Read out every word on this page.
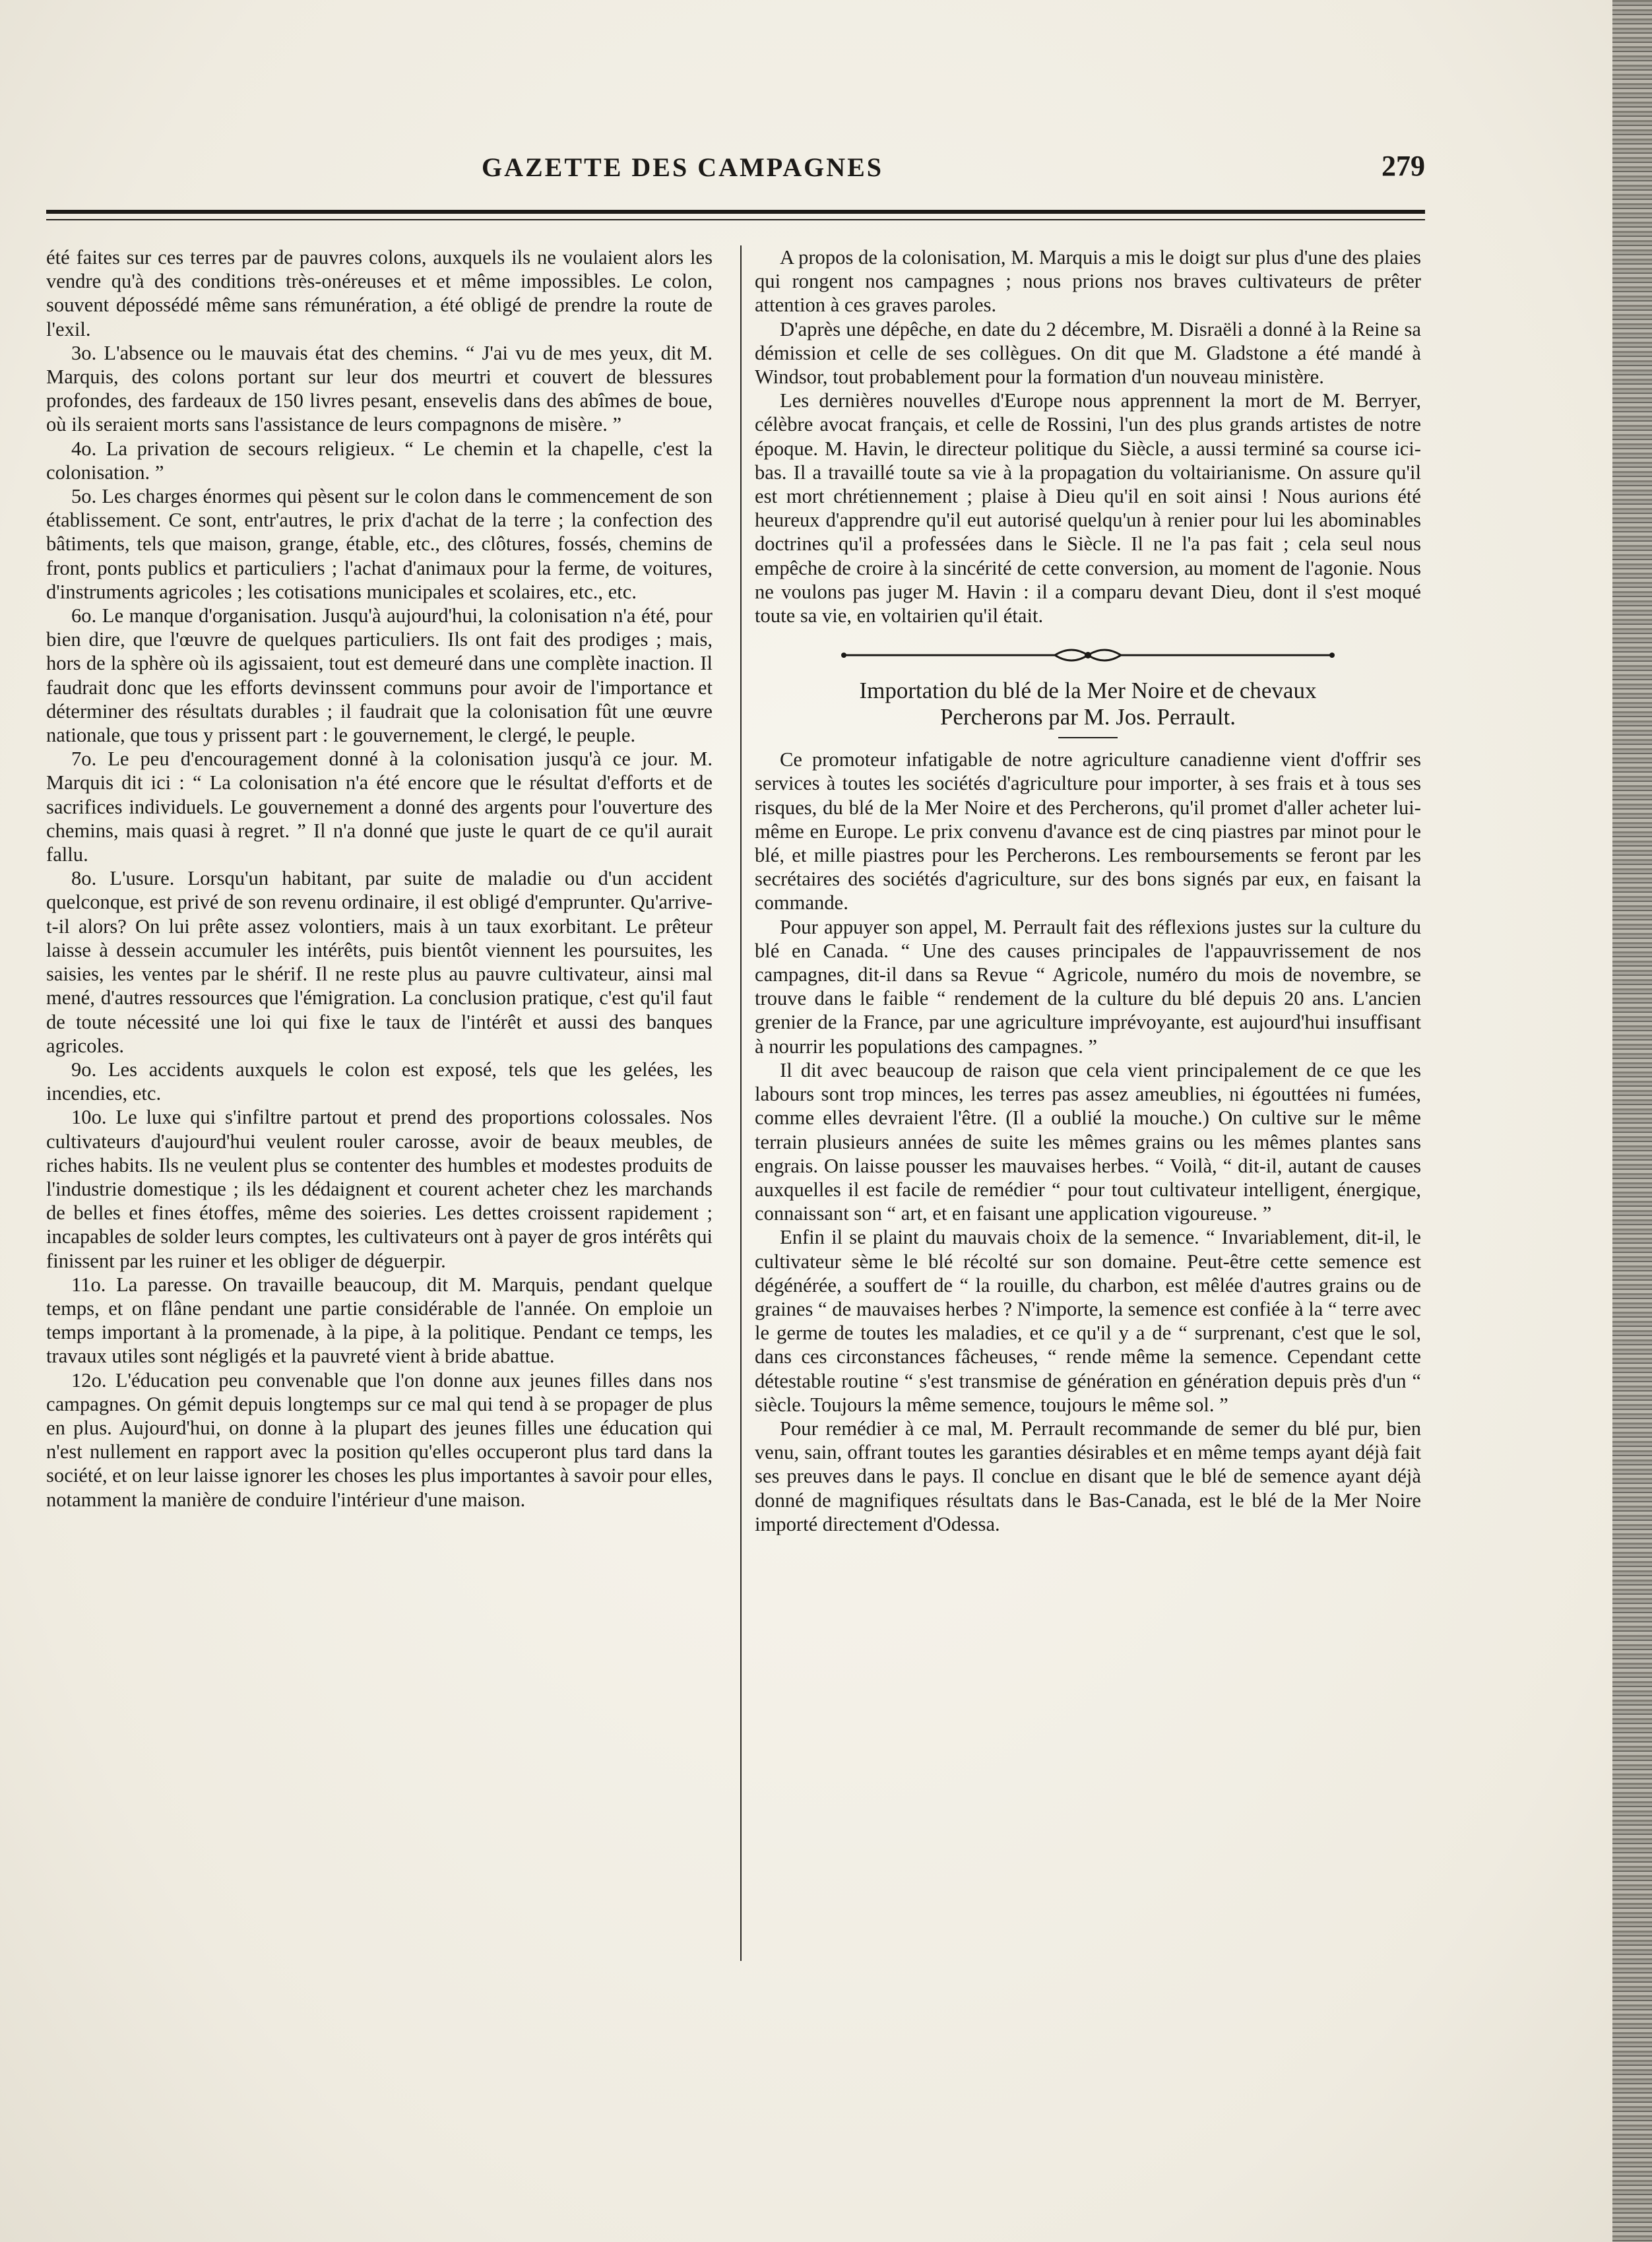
GAZETTE DES CAMPAGNES	279

été faites sur ces terres par de pauvres colons, auxquels ils ne voulaient alors les vendre qu'à des conditions très-onéreuses et et même impossibles. Le colon, souvent dépossédé même sans rémunération, a été obligé de prendre la route de l'exil.

3o. L'absence ou le mauvais état des chemins. “ J'ai vu de mes yeux, dit M. Marquis, des colons portant sur leur dos meurtri et couvert de blessures profondes, des fardeaux de 150 livres pesant, ensevelis dans des abîmes de boue, où ils seraient morts sans l'assistance de leurs compagnons de misère. ”

4o. La privation de secours religieux. “ Le chemin et la chapelle, c'est la colonisation. ”

5o. Les charges énormes qui pèsent sur le colon dans le commencement de son établissement. Ce sont, entr'autres, le prix d'achat de la terre ; la confection des bâtiments, tels que maison, grange, étable, etc., des clôtures, fossés, chemins de front, ponts publics et particuliers ; l'achat d'animaux pour la ferme, de voitures, d'instruments agricoles ; les cotisations municipales et scolaires, etc., etc.

6o. Le manque d'organisation. Jusqu'à aujourd'hui, la colonisation n'a été, pour bien dire, que l'œuvre de quelques particuliers. Ils ont fait des prodiges ; mais, hors de la sphère où ils agissaient, tout est demeuré dans une complète inaction. Il faudrait donc que les efforts devinssent communs pour avoir de l'importance et déterminer des résultats durables ; il faudrait que la colonisation fût une œuvre nationale, que tous y prissent part : le gouvernement, le clergé, le peuple.

7o. Le peu d'encouragement donné à la colonisation jusqu'à ce jour. M. Marquis dit ici : “ La colonisation n'a été encore que le résultat d'efforts et de sacrifices individuels. Le gouvernement a donné des argents pour l'ouverture des chemins, mais quasi à regret. ” Il n'a donné que juste le quart de ce qu'il aurait fallu.

8o. L'usure. Lorsqu'un habitant, par suite de maladie ou d'un accident quelconque, est privé de son revenu ordinaire, il est obligé d'emprunter. Qu'arrive-t-il alors? On lui prête assez volontiers, mais à un taux exorbitant. Le prêteur laisse à dessein accumuler les intérêts, puis bientôt viennent les poursuites, les saisies, les ventes par le shérif. Il ne reste plus au pauvre cultivateur, ainsi mal mené, d'autres ressources que l'émigration. La conclusion pratique, c'est qu'il faut de toute nécessité une loi qui fixe le taux de l'intérêt et aussi des banques agricoles.

9o. Les accidents auxquels le colon est exposé, tels que les gelées, les incendies, etc.

10o. Le luxe qui s'infiltre partout et prend des proportions colossales. Nos cultivateurs d'aujourd'hui veulent rouler carosse, avoir de beaux meubles, de riches habits. Ils ne veulent plus se contenter des humbles et modestes produits de l'industrie domestique ; ils les dédaignent et courent acheter chez les marchands de belles et fines étoffes, même des soieries. Les dettes croissent rapidement ; incapables de solder leurs comptes, les cultivateurs ont à payer de gros intérêts qui finissent par les ruiner et les obliger de déguerpir.

11o. La paresse. On travaille beaucoup, dit M. Marquis, pendant quelque temps, et on flâne pendant une partie considérable de l'année. On emploie un temps important à la promenade, à la pipe, à la politique. Pendant ce temps, les travaux utiles sont négligés et la pauvreté vient à bride abattue.

12o. L'éducation peu convenable que l'on donne aux jeunes filles dans nos campagnes. On gémit depuis longtemps sur ce mal qui tend à se propager de plus en plus. Aujourd'hui, on donne à la plupart des jeunes filles une éducation qui n'est nullement en rapport avec la position qu'elles occuperont plus tard dans la société, et on leur laisse ignorer les choses les plus importantes à savoir pour elles, notamment la manière de conduire l'intérieur d'une maison.

A propos de la colonisation, M. Marquis a mis le doigt sur plus d'une des plaies qui rongent nos campagnes ; nous prions nos braves cultivateurs de prêter attention à ces graves paroles.

D'après une dépêche, en date du 2 décembre, M. Disraëli a donné à la Reine sa démission et celle de ses collègues. On dit que M. Gladstone a été mandé à Windsor, tout probablement pour la formation d'un nouveau ministère.

Les dernières nouvelles d'Europe nous apprennent la mort de M. Berryer, célèbre avocat français, et celle de Rossini, l'un des plus grands artistes de notre époque. M. Havin, le directeur politique du Siècle, a aussi terminé sa course ici-bas. Il a travaillé toute sa vie à la propagation du voltairianisme. On assure qu'il est mort chrétiennement ; plaise à Dieu qu'il en soit ainsi ! Nous aurions été heureux d'apprendre qu'il eut autorisé quelqu'un à renier pour lui les abominables doctrines qu'il a professées dans le Siècle. Il ne l'a pas fait ; cela seul nous empêche de croire à la sincérité de cette conversion, au moment de l'agonie. Nous ne voulons pas juger M. Havin : il a comparu devant Dieu, dont il s'est moqué toute sa vie, en voltairien qu'il était.

Importation du blé de la Mer Noire et de chevaux
Percherons par M. Jos. Perrault.

Ce promoteur infatigable de notre agriculture canadienne vient d'offrir ses services à toutes les sociétés d'agriculture pour importer, à ses frais et à tous ses risques, du blé de la Mer Noire et des Percherons, qu'il promet d'aller acheter lui-même en Europe. Le prix convenu d'avance est de cinq piastres par minot pour le blé, et mille piastres pour les Percherons. Les remboursements se feront par les secrétaires des sociétés d'agriculture, sur des bons signés par eux, en faisant la commande.

Pour appuyer son appel, M. Perrault fait des réflexions justes sur la culture du blé en Canada. “ Une des causes principales de l'appauvrissement de nos campagnes, dit-il dans sa Revue “ Agricole, numéro du mois de novembre, se trouve dans le faible “ rendement de la culture du blé depuis 20 ans. L'ancien grenier de la France, par une agriculture imprévoyante, est aujourd'hui insuffisant à nourrir les populations des campagnes. ”

Il dit avec beaucoup de raison que cela vient principalement de ce que les labours sont trop minces, les terres pas assez ameublies, ni égouttées ni fumées, comme elles devraient l'être. (Il a oublié la mouche.) On cultive sur le même terrain plusieurs années de suite les mêmes grains ou les mêmes plantes sans engrais. On laisse pousser les mauvaises herbes. “ Voilà, “ dit-il, autant de causes auxquelles il est facile de remédier “ pour tout cultivateur intelligent, énergique, connaissant son “ art, et en faisant une application vigoureuse. ”

Enfin il se plaint du mauvais choix de la semence. “ Invariablement, dit-il, le cultivateur sème le blé récolté sur son domaine. Peut-être cette semence est dégénérée, a souffert de “ la rouille, du charbon, est mêlée d'autres grains ou de graines “ de mauvaises herbes ? N'importe, la semence est confiée à la “ terre avec le germe de toutes les maladies, et ce qu'il y a de “ surprenant, c'est que le sol, dans ces circonstances fâcheuses, “ rende même la semence. Cependant cette détestable routine “ s'est transmise de génération en génération depuis près d'un “ siècle. Toujours la même semence, toujours le même sol. ”

Pour remédier à ce mal, M. Perrault recommande de semer du blé pur, bien venu, sain, offrant toutes les garanties désirables et en même temps ayant déjà fait ses preuves dans le pays. Il conclue en disant que le blé de semence ayant déjà donné de magnifiques résultats dans le Bas-Canada, est le blé de la Mer Noire importé directement d'Odessa.
